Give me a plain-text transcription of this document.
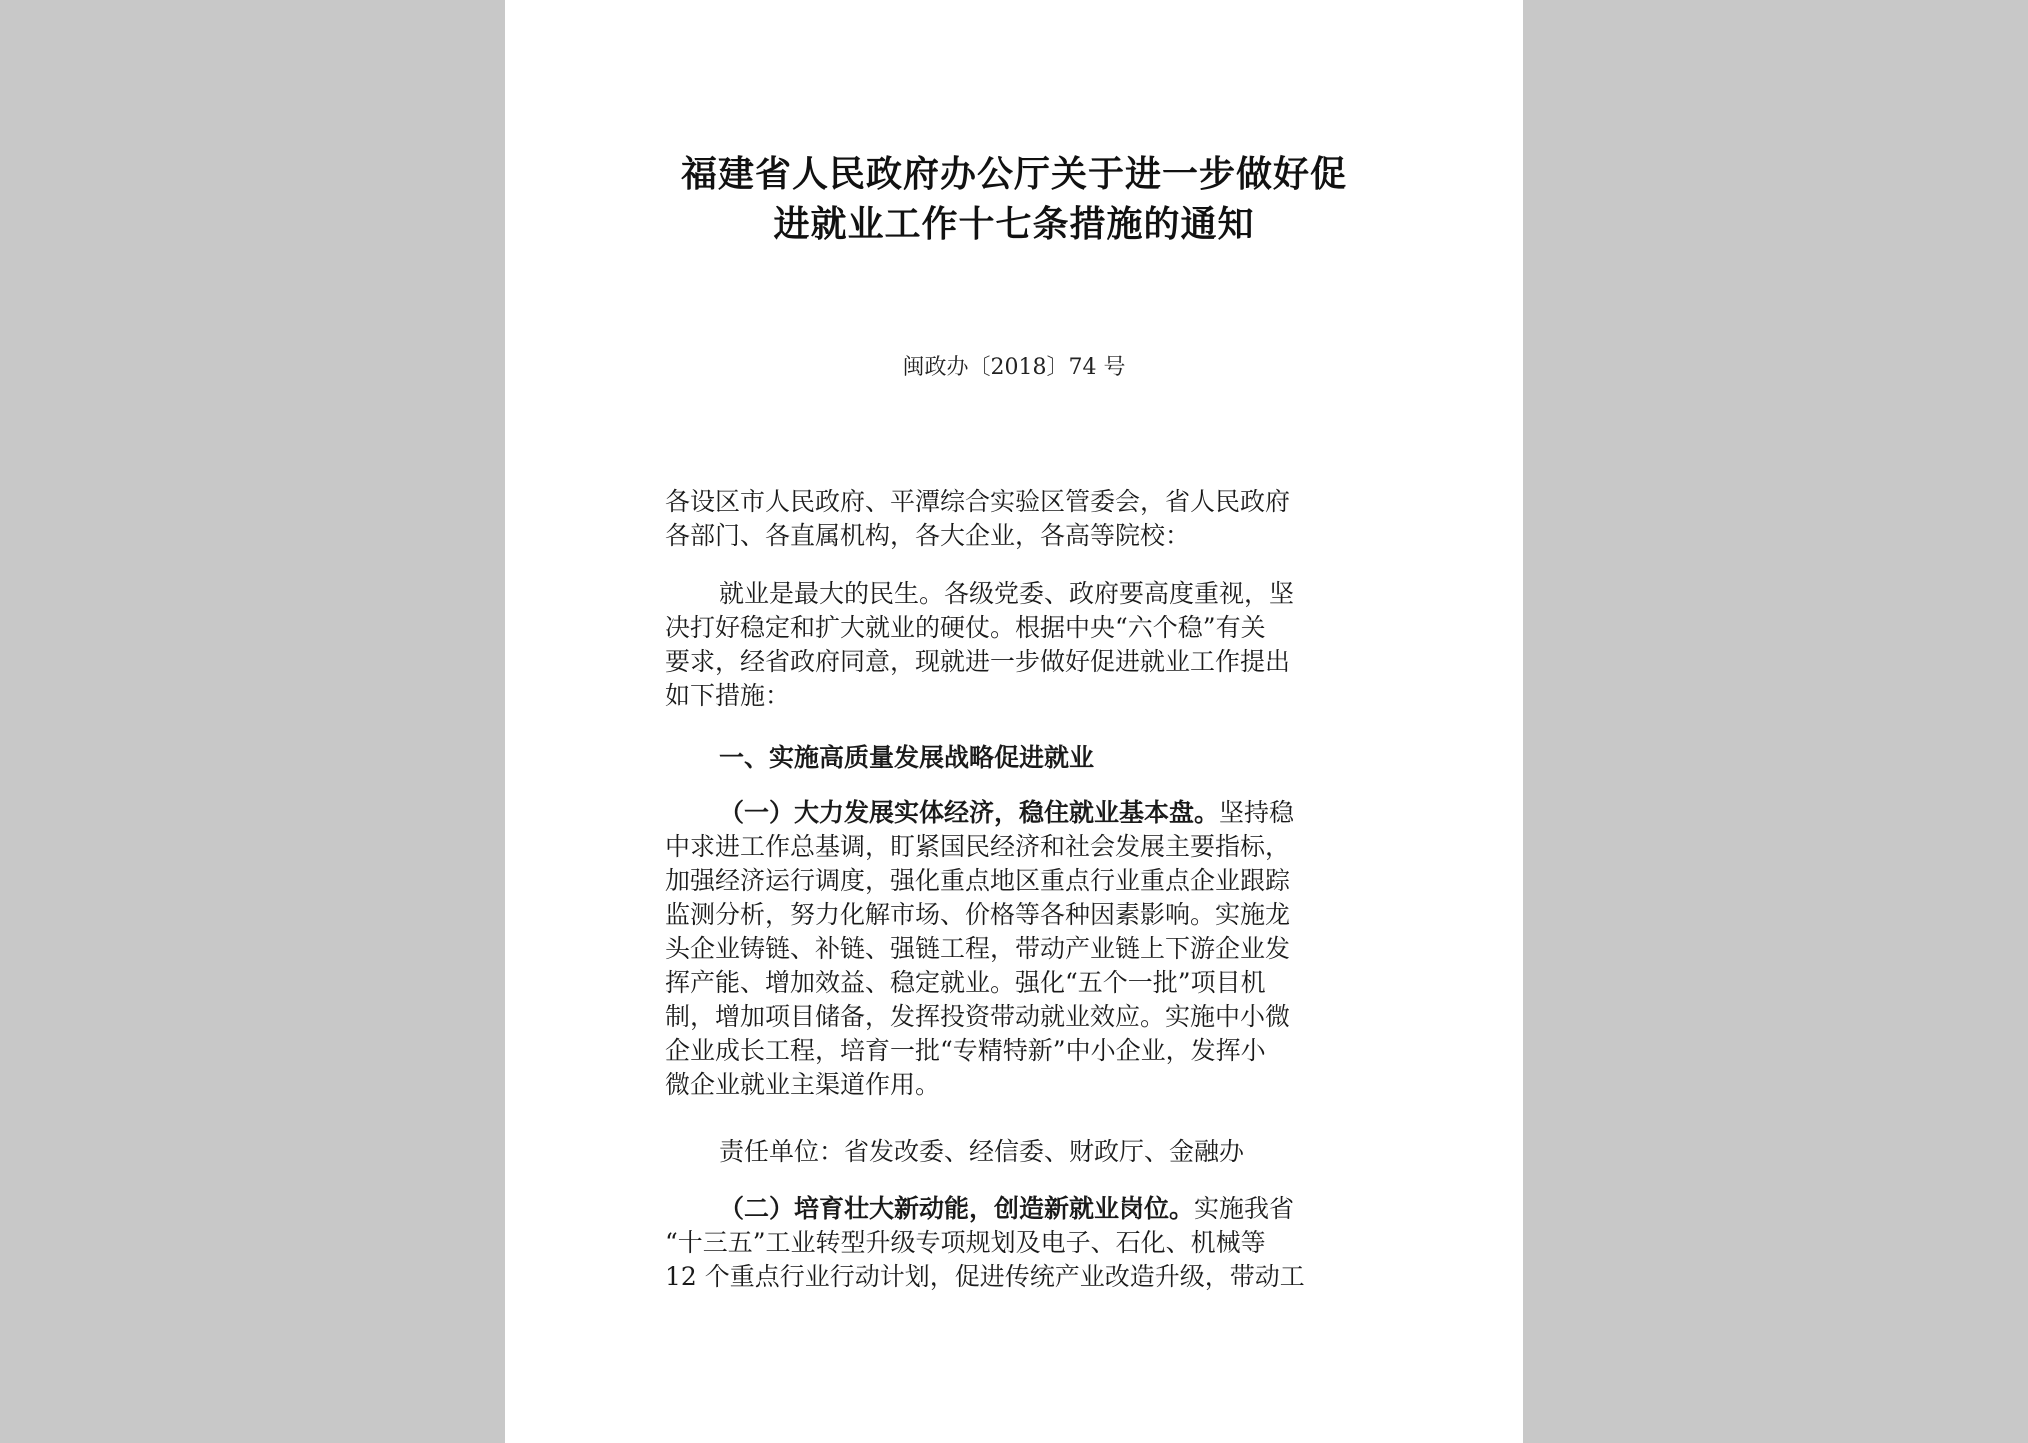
福建省人民政府办公厅关于进一步做好促
进就业工作十七条措施的通知
闽政办〔2018〕74 号
各设区市人民政府、平潭综合实验区管委会，省人民政府
各部门、各直属机构，各大企业，各高等院校：
就业是最大的民生。各级党委、政府要高度重视，坚
决打好稳定和扩大就业的硬仗。根据中央“六个稳”有关
要求，经省政府同意，现就进一步做好促进就业工作提出
如下措施：
一、实施高质量发展战略促进就业
（一）大力发展实体经济，稳住就业基本盘。坚持稳
中求进工作总基调，盯紧国民经济和社会发展主要指标，
加强经济运行调度，强化重点地区重点行业重点企业跟踪
监测分析，努力化解市场、价格等各种因素影响。实施龙
头企业铸链、补链、强链工程，带动产业链上下游企业发
挥产能、增加效益、稳定就业。强化“五个一批”项目机
制，增加项目储备，发挥投资带动就业效应。实施中小微
企业成长工程，培育一批“专精特新”中小企业，发挥小
微企业就业主渠道作用。
责任单位：省发改委、经信委、财政厅、金融办
（二）培育壮大新动能，创造新就业岗位。实施我省
“十三五”工业转型升级专项规划及电子、石化、机械等
12 个重点行业行动计划，促进传统产业改造升级，带动工
